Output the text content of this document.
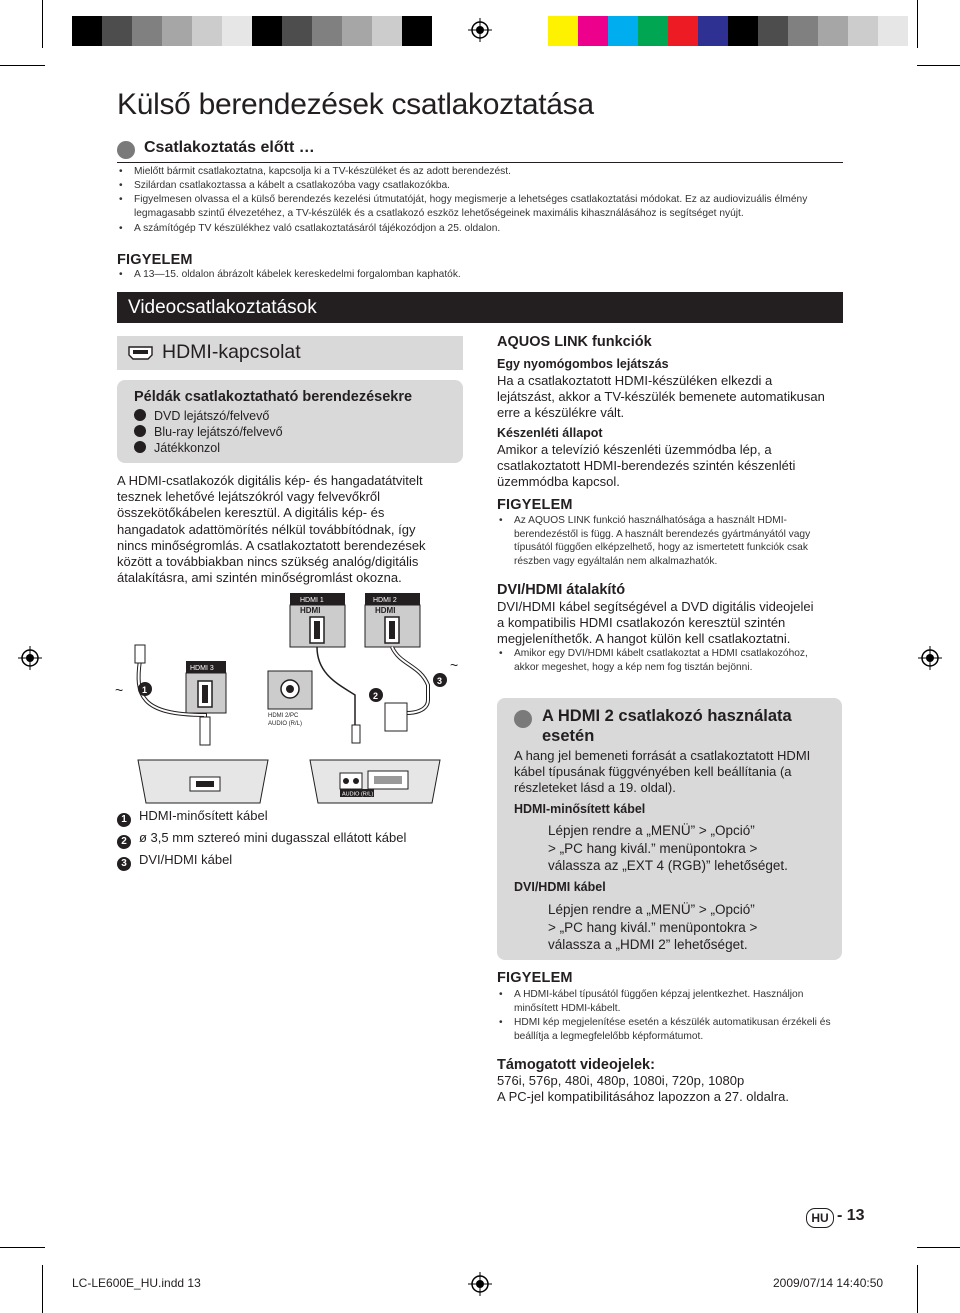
Külső berendezések csatlakoztatása
Csatlakoztatás előtt …
• Mielőtt bármit csatlakoztatna, kapcsolja ki a TV-készüléket és az adott berendezést.
• Szilárdan csatlakoztassa a kábelt a csatlakozóba vagy csatlakozókba.
• Figyelmesen olvassa el a külső berendezés kezelési útmutatóját, hogy megismerje a lehetséges csatlakoztatási módokat. Ez az audiovizuális élmény legmagasabb szintű élvezetéhez, a TV-készülék és a csatlakozó eszköz lehetőségeinek maximális kihasználásához is segítséget nyújt.
• A számítógép TV készülékhez való csatlakoztatásáról tájékozódjon a 25. oldalon.
FIGYELEM
• A 13—15. oldalon ábrázolt kábelek kereskedelmi forgalomban kaphatók.
Videocsatlakoztatások
HDMI-kapcsolat
Példák csatlakoztatható berendezésekre
DVD lejátszó/felvevő
Blu-ray lejátszó/felvevő
Játékkonzol
A HDMI-csatlakozók digitális kép- és hangadatátvitelt
tesznek lehetővé lejátszókról vagy felvevőkről
összekötőkábelen keresztül. A digitális kép- és
hangadatok adattömörítés nélkül továbbítódnak, így
nincs minőségromlás. A csatlakoztatott berendezések
között a továbbiakban nincs szükség analóg/digitális
átalakításra, ami szintén minőségromlást okozna.
HDMI 1
HDMI
HDMI 2
HDMI
HDMI 3
HDMI 2/PC
AUDIO (R/L)
~
~
1
2
3
AUDIO (R/L)
1 HDMI-minősített kábel
2 ø 3,5 mm sztereó mini dugasszal ellátott kábel
3 DVI/HDMI kábel
AQUOS LINK funkciók
Egy nyomógombos lejátszás
Ha a csatlakoztatott HDMI-készüléken elkezdi a
lejátszást, akkor a TV-készülék bemenete automatikusan
erre a készülékre vált.
Készenléti állapot
Amikor a televízió készenléti üzemmódba lép, a
csatlakoztatott HDMI-berendezés szintén készenléti
üzemmódba kapcsol.
FIGYELEM
• Az AQUOS LINK funkció használhatósága a használt HDMI-berendezéstől is függ. A használt berendezés gyártmányától vagy típusától függően elképzelhető, hogy az ismertetett funkciók csak részben vagy egyáltalán nem alkalmazhatók.
DVI/HDMI átalakító
DVI/HDMI kábel segítségével a DVD digitális videojelei
a kompatibilis HDMI csatlakozón keresztül szintén
megjeleníthetők. A hangot külön kell csatlakoztatni.
• Amikor egy DVI/HDMI kábelt csatlakoztat a HDMI csatlakozóhoz, akkor megeshet, hogy a kép nem fog tisztán bejönni.
A HDMI 2 csatlakozó használata
esetén
A hang jel bemeneti forrását a csatlakoztatott HDMI
kábel típusának függvényében kell beállítania (a
részleteket lásd a 19. oldal).
HDMI-minősített kábel
Lépjen rendre a „MENÜ” > „Opció”
> „PC hang kivál.” menüpontokra >
válassza az „EXT 4 (RGB)” lehetőséget.
DVI/HDMI kábel
Lépjen rendre a „MENÜ” > „Opció”
> „PC hang kivál.” menüpontokra >
válassza a „HDMI 2” lehetőséget.
FIGYELEM
• A HDMI-kábel típusától függően képzaj jelentkezhet. Használjon minősített HDMI-kábelt.
• HDMI kép megjelenítése esetén a készülék automatikusan érzékeli és beállítja a legmegfelelőbb képformátumot.
Támogatott videojelek:
576i, 576p, 480i, 480p, 1080i, 720p, 1080p
A PC-jel kompatibilitásához lapozzon a 27. oldalra.
HU - 13
LC-LE600E_HU.indd 13	2009/07/14 14:40:50
